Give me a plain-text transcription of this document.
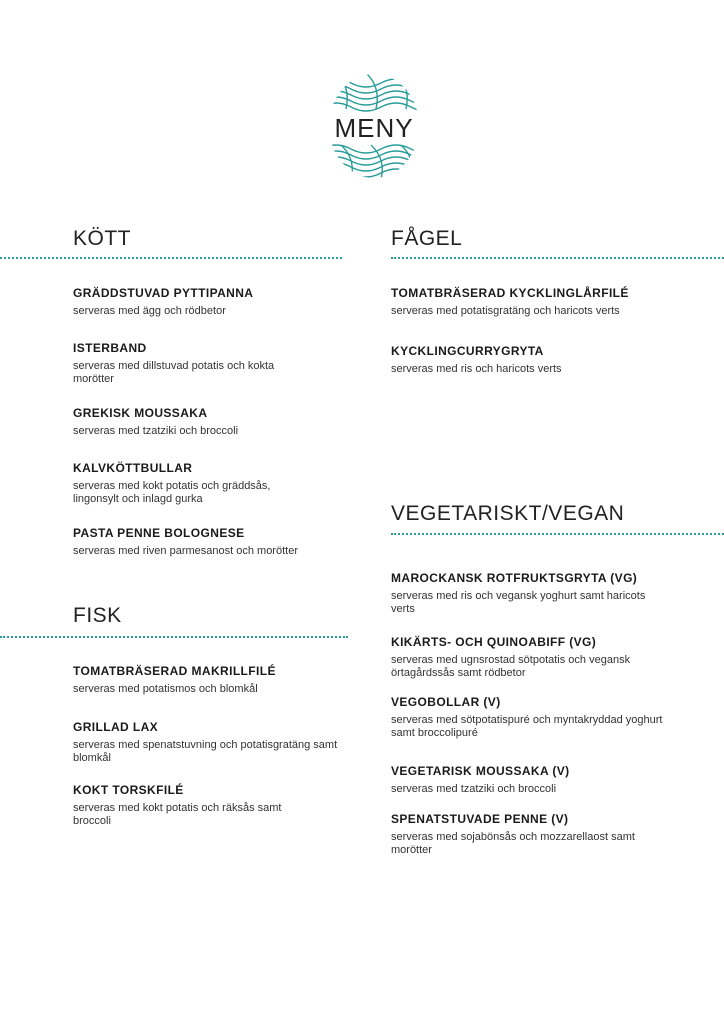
MENY
KÖTT

GRÄDDSTUVAD PYTTIPANNA

serveras med ägg och rödbetor

ISTERBAND

serveras med dillstuvad potatis och kokta morötter

GREKISK MOUSSAKA

serveras med tzatziki och broccoli

KALVKÖTTBULLAR

serveras med kokt potatis och gräddsås, lingonsylt och inlagd gurka

PASTA PENNE BOLOGNESE

serveras med riven parmesanost och morötter

FISK

TOMATBRÄSERAD MAKRILLFILÉ

serveras med potatismos och blomkål

GRILLAD LAX

serveras med spenatstuvning och potatisgratäng samt blomkål

KOKT TORSKFILÉ

serveras med kokt potatis och räksås samt broccoli

FÅGEL

TOMATBRÄSERAD KYCKLINGLÅRFILÉ

serveras med potatisgratäng och haricots verts

KYCKLINGCURRYGRYTA

serveras med ris och haricots verts

VEGETARISKT/VEGAN

MAROCKANSK ROTFRUKTSGRYTA (VG)

serveras med ris och vegansk yoghurt samt haricots verts

KIKÄRTS- OCH QUINOABIFF (VG)

serveras med ugnsrostad sötpotatis och vegansk örtagårdssås samt rödbetor

VEGOBOLLAR (V)

serveras med sötpotatispuré och myntakryddad yoghurt samt broccolipuré

VEGETARISK MOUSSAKA (V)

serveras med tzatziki och broccoli

SPENATSTUVADE PENNE (V)

serveras med sojabönsås och mozzarellaost samt morötter
